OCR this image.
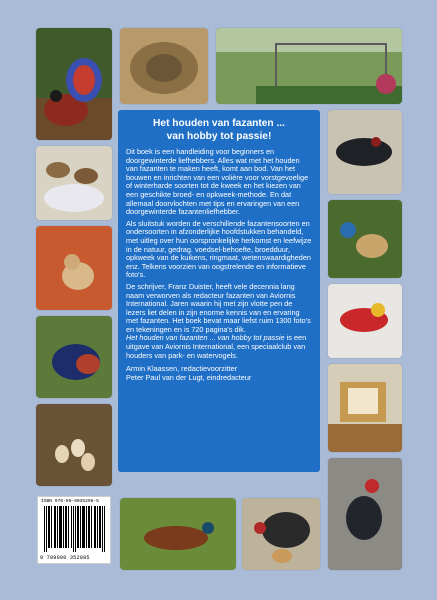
Het houden van fazanten ...
van hobby tot passie!

Dit boek is een handleiding voor beginners en doorgewinterde liefhebbers. Alles wat met het houden van fazanten te maken heeft, komt aan bod. Van het bouwen en inrichten van een volière voor vorstgevoelige of winterharde soorten tot de kweek en het kiezen van een geschikte broed- en opkweek-methode. En dat allemaal doorvlochten met tips en ervaringen van een doorgewinterde fazantenliefhebber.

Als sluitstuk worden de verschillende fazantensoorten en ondersoorten in afzonderlijke hoofdstukken behandeld, met uitleg over hun oorspronkelijke herkomst en leefwijze in de natuur, gedrag. voedsel-behoefte, broedduur, opkweek van de kuikens, ringmaat, wetenswaardigheden enz. Telkens voorzien van oogstrelende en informatieve foto's.

De schrijver, Franz Duister, heeft vele decennia lang naam verworven als redacteur fazanten van Aviornis International. Jaren waarin hij met zijn vlotte pen de lezers liet delen in zijn enorme kennis van en ervaring met fazanten. Het boek bevat maar liefst ruim 1300 foto's en tekeningen en is 720 pagina's dik.
Het houden van fazanten ... van hobby tot passie is een uitgave van Aviornis International, een speciaalclub van houders van park- en watervogels.

Armin Klaassen, redactievoorzitter
Peter Paul van der Lugt, eindredacteur
ISBN 978-90-9035298-5
9 789090 352985
